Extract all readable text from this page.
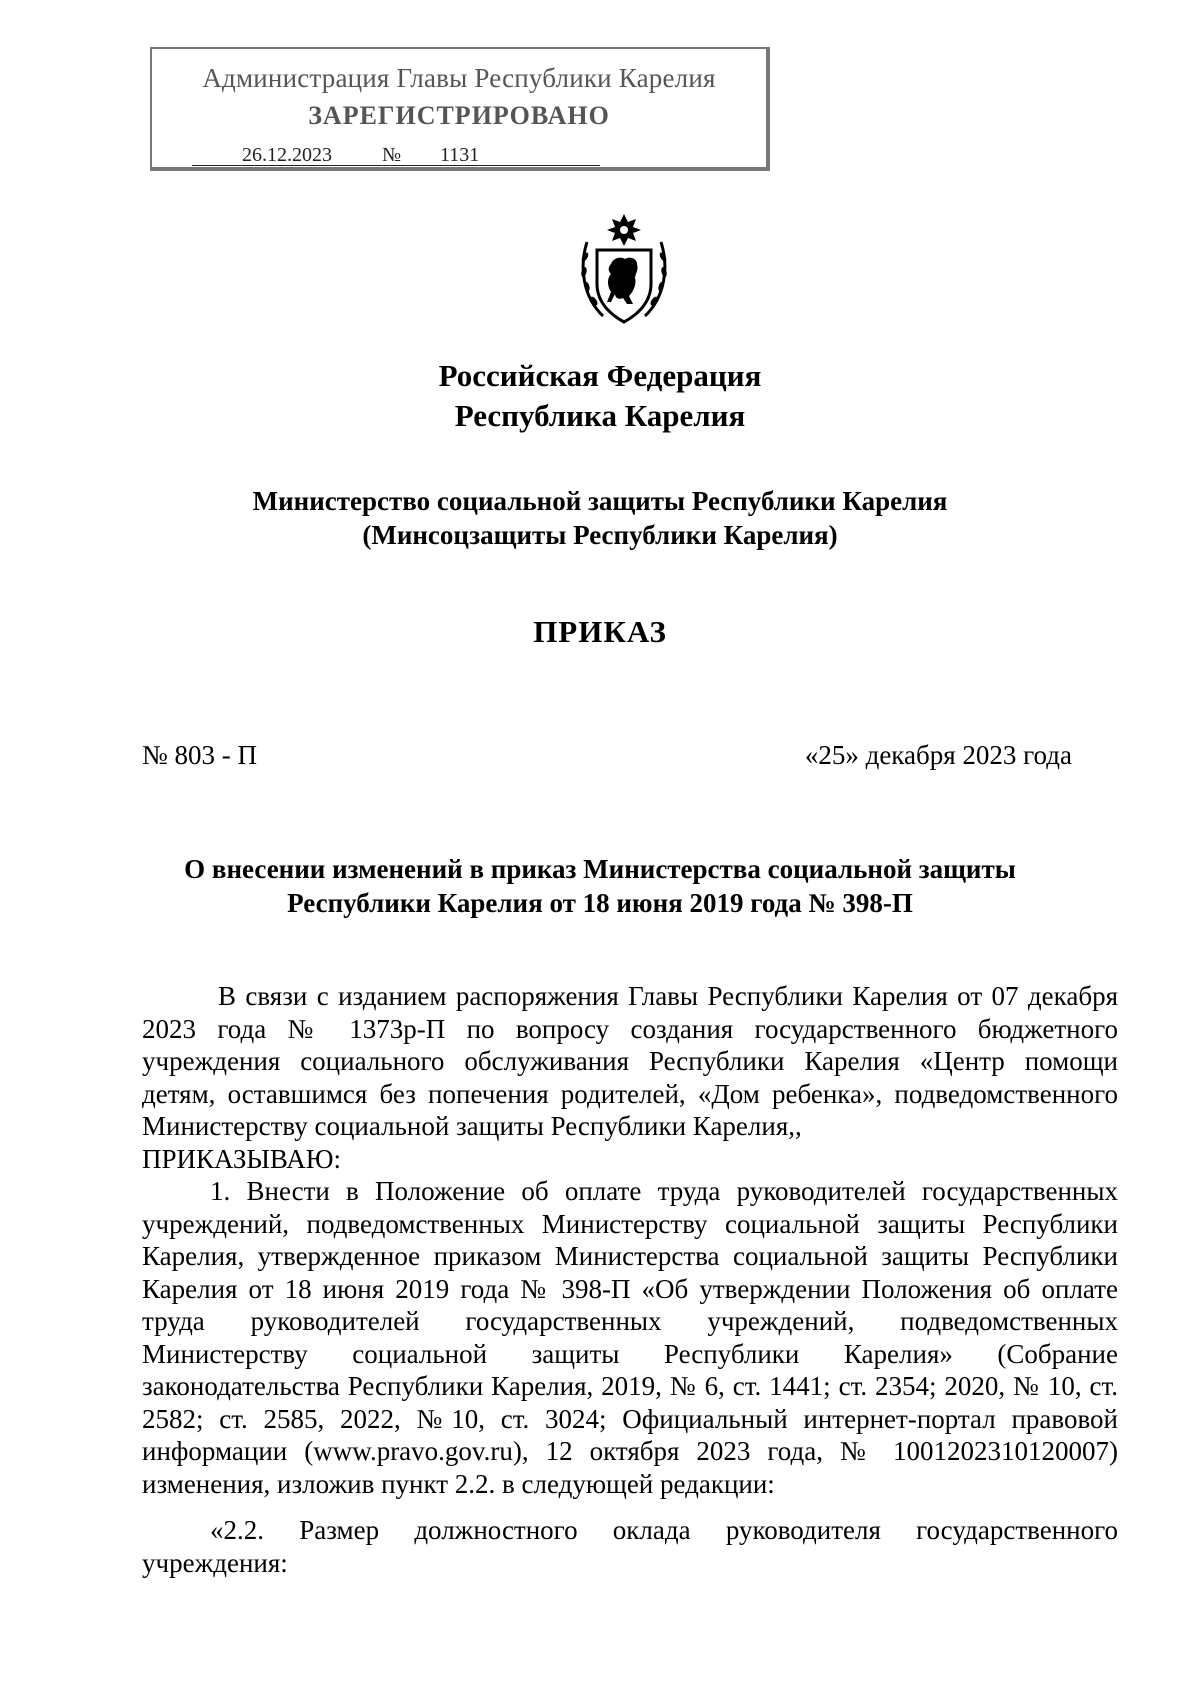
Администрация Главы Республики Карелия
ЗАРЕГИСТРИРОВАНО
26.12.2023	№ 1131
Российская Федерация
Республика Карелия
Министерство социальной защиты Республики Карелия
(Минсоцзащиты Республики Карелия)
ПРИКАЗ
№ 803 - П	«25» декабря 2023 года
О внесении изменений в приказ Министерства социальной защиты
Республики Карелия от 18 июня 2019 года № 398-П

В связи с изданием распоряжения Главы Республики Карелия от 07 декабря 2023 года № 1373р-П по вопросу создания государственного бюджетного учреждения социального обслуживания Республики Карелия «Центр помощи детям, оставшимся без попечения родителей, «Дом ребенка», подведомственного Министерству социальной защиты Республики Карелия,,

ПРИКАЗЫВАЮ:

1. Внести в Положение об оплате труда руководителей государственных учреждений, подведомственных Министерству социальной защиты Республики Карелия, утвержденное приказом Министерства социальной защиты Республики Карелия от 18 июня 2019 года № 398-П «Об утверждении Положения об оплате труда руководителей государственных учреждений, подведомственных Министерству социальной защиты Республики Карелия» (Собрание законодательства Республики Карелия, 2019, № 6, ст. 1441; ст. 2354; 2020, № 10, ст. 2582; ст. 2585, 2022, №10, ст. 3024; Официальный интернет-портал правовой информации (www.pravo.gov.ru), 12 октября 2023 года, № 1001202310120007) изменения, изложив пункт 2.2. в следующей редакции:

«2.2. Размер должностного оклада руководителя государственного учреждения:
